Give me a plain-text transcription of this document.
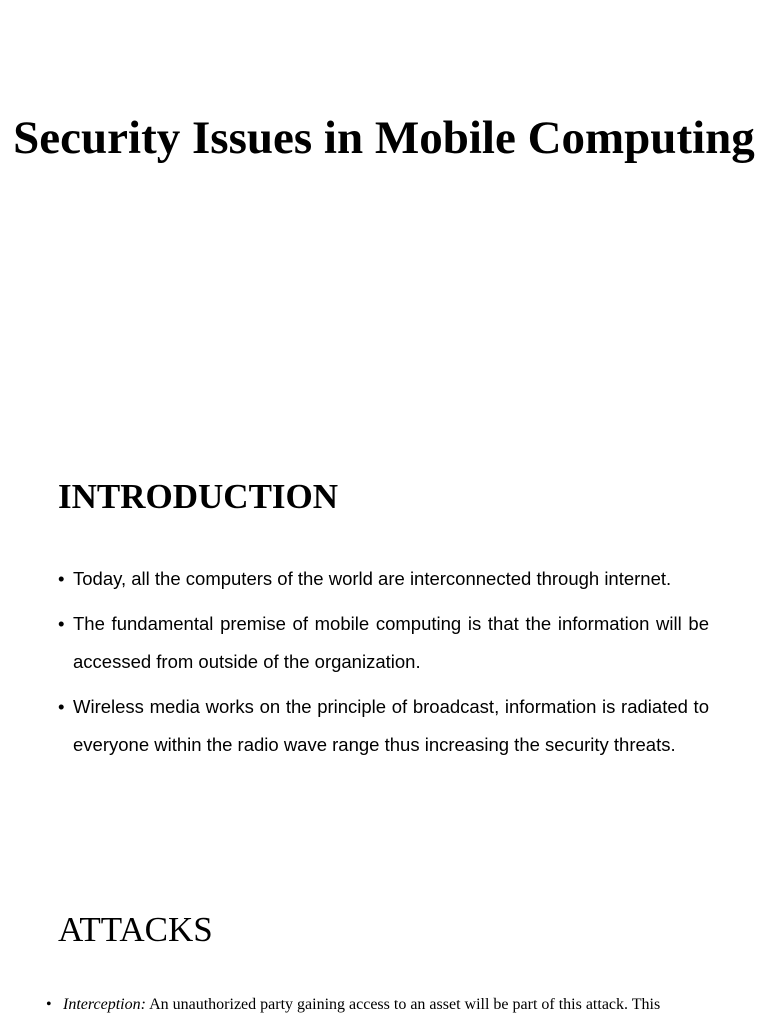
Security Issues in Mobile Computing
INTRODUCTION
• Today, all the computers of the world are interconnected through internet.
• The fundamental premise of mobile computing is that the information will be accessed from outside of the organization.
• Wireless media works on the principle of broadcast, information is radiated to everyone within the radio wave range thus increasing the security threats.
ATTACKS

• Interception: An unauthorized party gaining access to an asset will be part of this attack. This
